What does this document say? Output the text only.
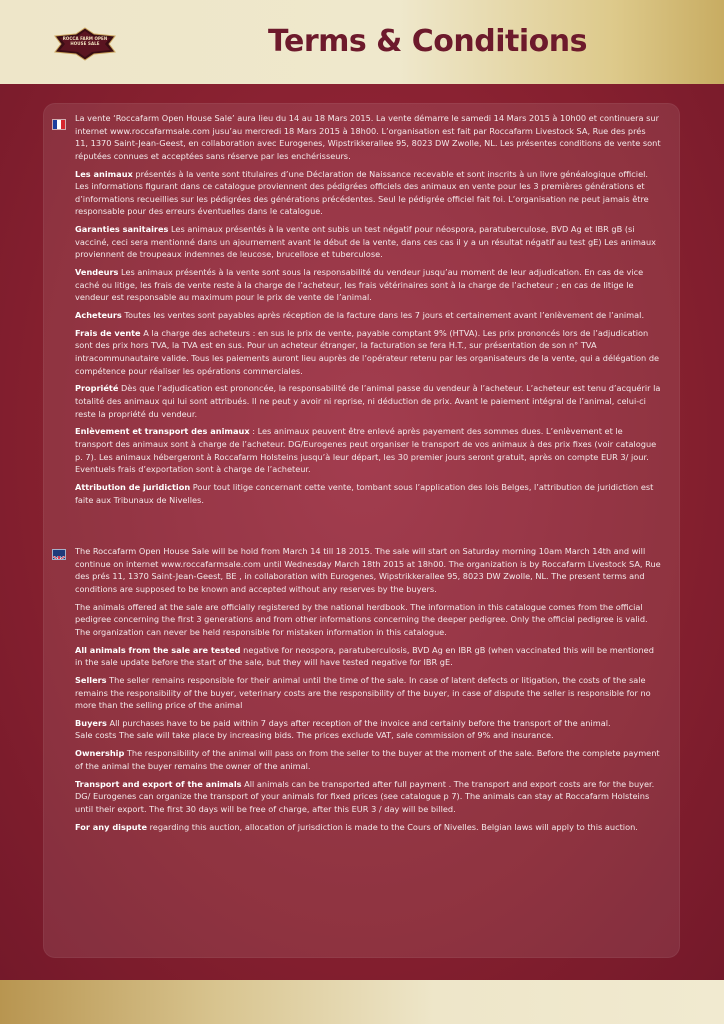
ROCCA FARM OPEN HOUSE SALE	Terms & Conditions

La vente ‘Roccafarm Open House Sale’ aura lieu du 14 au 18 Mars 2015. La vente démarre le samedi 14 Mars 2015 à 10h00 et continuera sur internet www.roccafarmsale.com jusu’au mercredi 18 Mars 2015 à 18h00. L’organisation est fait par Roccafarm Livestock SA, Rue des prés 11, 1370 Saint-Jean-Geest, en collaboration avec Eurogenes, Wipstrikkerallee 95, 8023 DW Zwolle, NL. Les présentes conditions de vente sont réputées connues et acceptées sans réserve par les enchérisseurs.

Les animaux présentés à la vente sont titulaires d’une Déclaration de Naissance recevable et sont inscrits à un livre généalogique officiel. Les informations figurant dans ce catalogue proviennent des pédigrées officiels des animaux en vente pour les 3 premières générations et d’informations recueillies sur les pédigrées des générations précédentes. Seul le pédigrée officiel fait foi. L’organisation ne peut jamais être responsable pour des erreurs éventuelles dans le catalogue.

Garanties sanitaires Les animaux présentés à la vente ont subis un test négatif pour néospora, paratuberculose, BVD Ag et IBR gB (si vacciné, ceci sera mentionné dans un ajournement avant le début de la vente, dans ces cas il y a un résultat négatif au test gE) Les animaux proviennent de troupeaux indemnes de leucose, brucellose et tuberculose.

Vendeurs Les animaux présentés à la vente sont sous la responsabilité du vendeur jusqu’au moment de leur adjudication. En cas de vice caché ou litige, les frais de vente reste à la charge de l’acheteur, les frais vétérinaires sont à la charge de l’acheteur ; en cas de litige le vendeur est responsable au maximum pour le prix de vente de l’animal.

Acheteurs Toutes les ventes sont payables après réception de la facture dans les 7 jours et certainement avant l’enlèvement de l’animal.

Frais de vente A la charge des acheteurs : en sus le prix de vente, payable comptant 9% (HTVA). Les prix prononcés lors de l’adjudication sont des prix hors TVA, la TVA est en sus. Pour un acheteur étranger, la facturation se fera H.T., sur présentation de son n° TVA intracommunautaire valide. Tous les paiements auront lieu auprès de l’opérateur retenu par les organisateurs de la vente, qui a délégation de compétence pour réaliser les opérations commerciales.

Propriété Dès que l’adjudication est prononcée, la responsabilité de l’animal passe du vendeur à l’acheteur. L’acheteur est tenu d’acquérir la totalité des animaux qui lui sont attribués. Il ne peut y avoir ni reprise, ni déduction de prix. Avant le paiement intégral de l’animal, celui-ci reste la propriété du vendeur.

Enlèvement et transport des animaux : Les animaux peuvent être enlevé après payement des sommes dues. L’enlèvement et le transport des animaux sont à charge de l’acheteur. DG/Eurogenes peut organiser le transport de vos animaux à des prix fixes (voir catalogue p. 7). Les animaux hébergeront à Roccafarm Holsteins jusqu’à leur départ, les 30 premier jours seront gratuit, après on compte EUR 3/ jour. Eventuels frais d’exportation sont à charge de l’acheteur.

Attribution de juridiction Pour tout litige concernant cette vente, tombant sous l’application des lois Belges, l’attribution de juridiction est faite aux Tribunaux de Nivelles.

The Roccafarm Open House Sale will be hold from March 14 till 18 2015. The sale will start on Saturday morning 10am March 14th and will continue on internet www.roccafarmsale.com until Wednesday March 18th 2015 at 18h00. The organization is by Roccafarm Livestock SA, Rue des prés 11, 1370 Saint-Jean-Geest, BE , in collaboration with Eurogenes, Wipstrikkerallee 95, 8023 DW Zwolle, NL. The present terms and conditions are supposed to be known and accepted without any reserves by the buyers.

The animals offered at the sale are officially registered by the national herdbook. The information in this catalogue comes from the official pedigree concerning the first 3 generations and from other informations concerning the deeper pedigree. Only the official pedigree is valid. The organization can never be held responsible for mistaken information in this catalogue.

All animals from the sale are tested negative for neospora, paratuberculosis, BVD Ag en IBR gB (when vaccinated this will be mentioned in the sale update before the start of the sale, but they will have tested negative for IBR gE.

Sellers The seller remains responsible for their animal until the time of the sale. In case of latent defects or litigation, the costs of the sale remains the responsibility of the buyer, veterinary costs are the responsibility of the buyer, in case of dispute the seller is responsible for no more than the selling price of the animal

Buyers All purchases have to be paid within 7 days after reception of the invoice and certainly before the transport of the animal.
Sale costs The sale will take place by increasing bids. The prices exclude VAT, sale commission of 9% and insurance.

Ownership The responsibility of the animal will pass on from the seller to the buyer at the moment of the sale. Before the complete payment of the animal the buyer remains the owner of the animal.

Transport and export of the animals All animals can be transported after full payment . The transport and export costs are for the buyer. DG/ Eurogenes can organize the transport of your animals for fixed prices (see catalogue p 7). The animals can stay at Roccafarm Holsteins until their export. The first 30 days will be free of charge, after this EUR 3 / day will be billed.

For any dispute regarding this auction, allocation of jurisdiction is made to the Cours of Nivelles. Belgian laws will apply to this auction.
